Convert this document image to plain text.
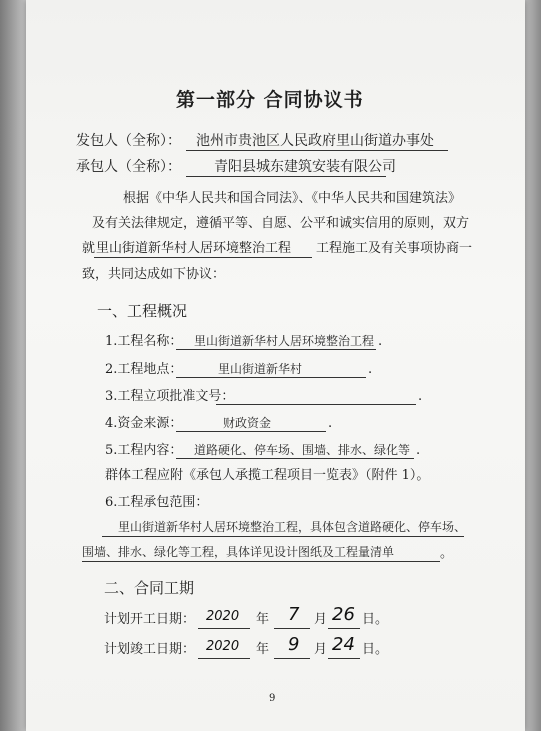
第一部分 合同协议书
发包人（全称）： 池州市贵池区人民政府里山街道办事处
承包人（全称）： 青阳县城东建筑安装有限公司
根据《中华人民共和国合同法》、《中华人民共和国建筑法》
及有关法律规定，遵循平等、自愿、公平和诚实信用的原则，双方
就 里山街道新华村人居环境整治工程 工程施工及有关事项协商一
致，共同达成如下协议：
一、工程概况
1.工程名称： 里山街道新华村人居环境整治工程 .
2.工程地点：	里山街道新华村	.
3.工程立项批准文号：	.
4.资金来源：	财政资金	.
5.工程内容： 道路硬化、停车场、围墙、排水、绿化等 .
群体工程应附《承包人承揽工程项目一览表》（附件 1）。
6.工程承包范围：
里山街道新华村人居环境整治工程，具体包含道路硬化、停车场、
围墙、排水、绿化等工程，具体详见设计图纸及工程量清单	。
二、合同工期
计划开工日期： 2020 年 7 月 26 日。
计划竣工日期： 2020 年 9 月 24 日。
9
